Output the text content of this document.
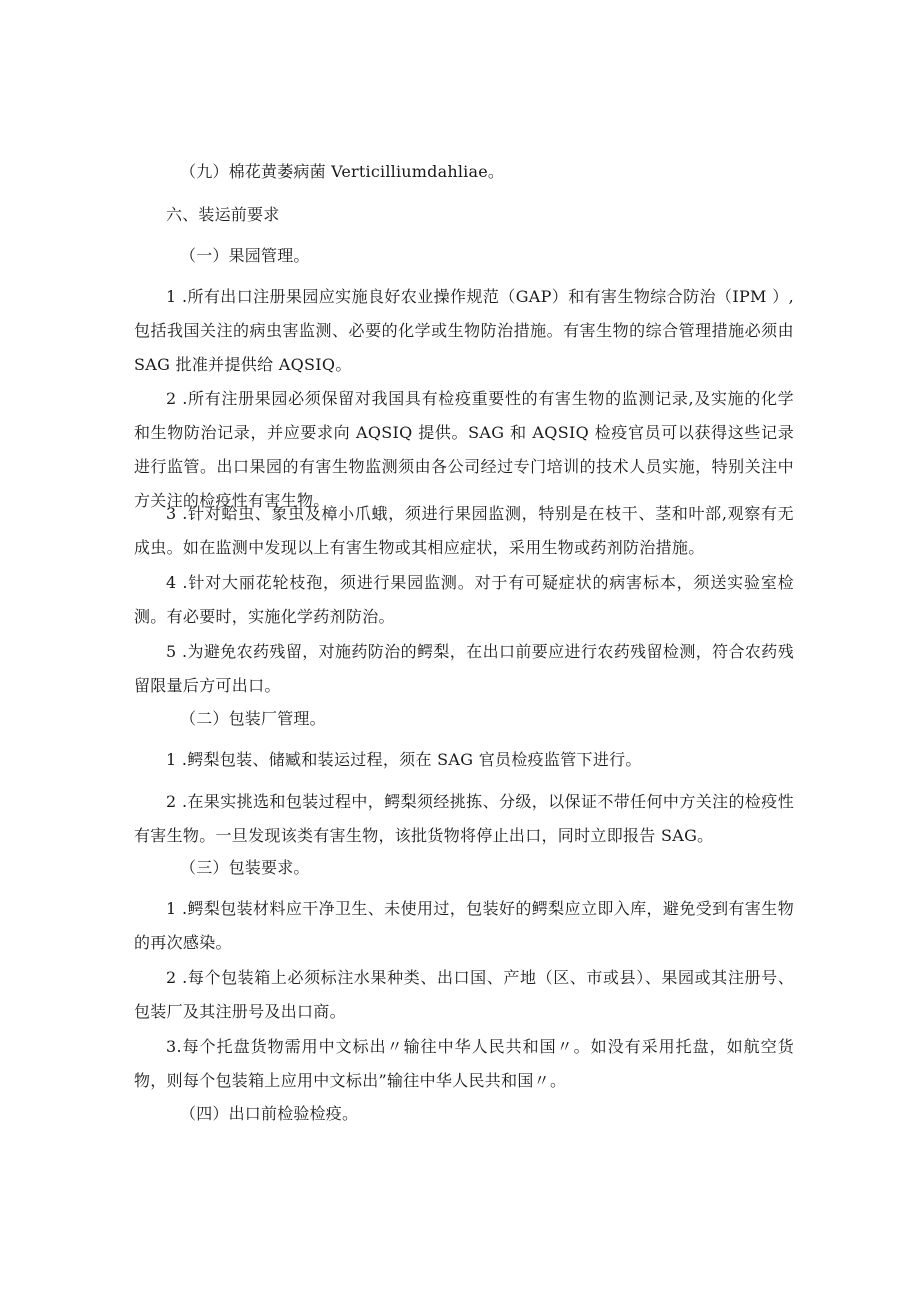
（九）棉花黄萎病菌 Verticilliumdahliae。
六、装运前要求
（一）果园管理。
1 .所有出口注册果园应实施良好农业操作规范（GAP）和有害生物综合防治（IPM ）,包括我国关注的病虫害监测、必要的化学或生物防治措施。有害生物的综合管理措施必须由 SAG 批准并提供给 AQSIQ。
2 .所有注册果园必须保留对我国具有检疫重要性的有害生物的监测记录,及实施的化学和生物防治记录，并应要求向 AQSIQ 提供。SAG 和 AQSIQ 检疫官员可以获得这些记录进行监管。出口果园的有害生物监测须由各公司经过专门培训的技术人员实施，特别关注中方关注的检疫性有害生物。
3 .针对蛤虫、象虫及樟小爪蛾，须进行果园监测，特别是在枝干、茎和叶部,观察有无成虫。如在监测中发现以上有害生物或其相应症状，采用生物或药剂防治措施。
4 .针对大丽花轮枝孢，须进行果园监测。对于有可疑症状的病害标本，须送实验室检测。有必要时，实施化学药剂防治。
5 .为避免农药残留，对施药防治的鳄梨，在出口前要应进行农药残留检测，符合农药残留限量后方可出口。
（二）包装厂管理。
1 .鳄梨包装、储臧和装运过程，须在 SAG 官员检疫监管下进行。
2 .在果实挑选和包装过程中，鳄梨须经挑拣、分级，以保证不带任何中方关注的检疫性有害生物。一旦发现该类有害生物，该批货物将停止出口，同时立即报告 SAG。
（三）包装要求。
1 .鳄梨包装材料应干净卫生、未使用过，包装好的鳄梨应立即入库，避免受到有害生物的再次感染。
2 .每个包装箱上必须标注水果种类、出口国、产地（区、市或县）、果园或其注册号、包装厂及其注册号及出口商。
3.每个托盘货物需用中文标出〃输往中华人民共和国〃。如没有采用托盘，如航空货物，则每个包装箱上应用中文标出”输往中华人民共和国〃。
（四）出口前检验检疫。
